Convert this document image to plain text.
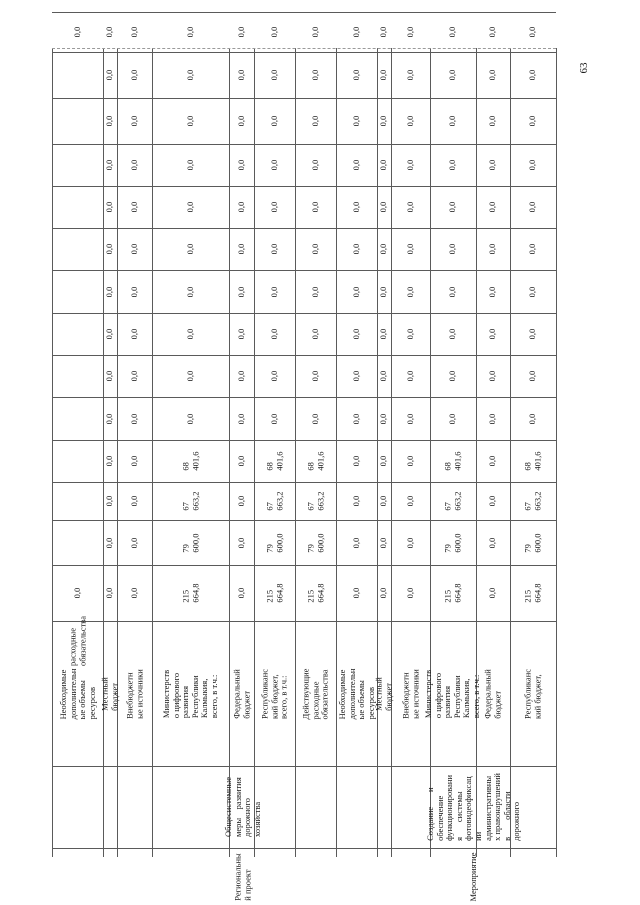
расходные
обязательства
Необходимые
дополнительн
ые объемы
ресурсов
0,0
0,0
Местный
бюджет
0,0
0,0
0,0
0,0
0,0
0,0
0,0
0,0
0,0
0,0
0,0
0,0
0,0
0,0
Внебюджетн
ые источники
0,0
0,0
0,0
0,0
0,0
0,0
0,0
0,0
0,0
0,0
0,0
0,0
0,0
0,0
Министерств
о цифрового
развития
Республики
Калмыкия,
всего, в т.ч.:
215
664,8
79
600,0
67
663,2
68
401,6
0,0
0,0
0,0
0,0
0,0
0,0
0,0
0,0
0,0
0,0
Федеральный
бюджет
0,0
0,0
0,0
0,0
0,0
0,0
0,0
0,0
0,0
0,0
0,0
0,0
0,0
0,0
Республиканс
кий бюджет,
всего, в т.ч.:
215
664,8
79
600,0
67
663,2
68
401,6
0,0
0,0
0,0
0,0
0,0
0,0
0,0
0,0
0,0
0,0
Действующие
расходные
обязательства
215
664,8
79
600,0
67
663,2
68
401,6
0,0
0,0
0,0
0,0
0,0
0,0
0,0
0,0
0,0
0,0
Необходимые
дополнительн
ые объемы
ресурсов
0,0
0,0
0,0
0,0
0,0
0,0
0,0
0,0
0,0
0,0
0,0
0,0
0,0
0,0
Местный
бюджет
0,0
0,0
0,0
0,0
0,0
0,0
0,0
0,0
0,0
0,0
0,0
0,0
0,0
0,0
Внебюджетн
ые источники
0,0
0,0
0,0
0,0
0,0
0,0
0,0
0,0
0,0
0,0
0,0
0,0
0,0
0,0
Министерств
о цифрового
развития
Республики
Калмыкия,
всего, в т.ч.:
215
664,8
79
600,0
67
663,2
68
401,6
0,0
0,0
0,0
0,0
0,0
0,0
0,0
0,0
0,0
0,0
Федеральный
бюджет
0,0
0,0
0,0
0,0
0,0
0,0
0,0
0,0
0,0
0,0
0,0
0,0
0,0
0,0
Республиканс
кий бюджет,
215
664,8
79
600,0
67
663,2
68
401,6
0,0
0,0
0,0
0,0
0,0
0,0
0,0
0,0
0,0
0,0
Региональны
й проект
Общесистемные
меры    развития
дорожного
хозяйства
Мероприятие
Создание       и
обеспечение
функционировани
я       системы
фотовидеофиксац
ии
административны
х правонарушений
в        области
дорожного
63
